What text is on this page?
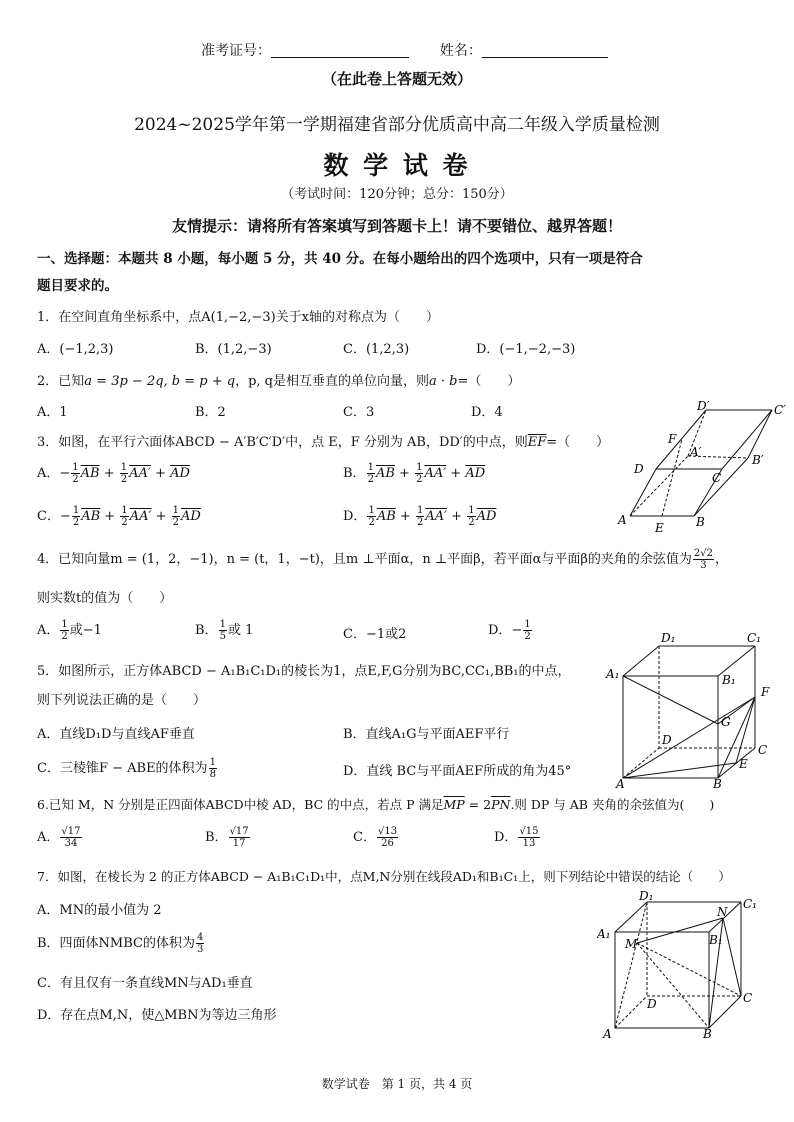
准考证号：	姓名：
（在此卷上答题无效）
2024~2025学年第一学期福建省部分优质高中高二年级入学质量检测
数 学 试 卷
（考试时间：120分钟；总分：150分）
友情提示：请将所有答案填写到答题卡上！请不要错位、越界答题！
一、选择题：本题共 8 小题，每小题 5 分，共 40 分。在每小题给出的四个选项中，只有一项是符合
题目要求的。
1．在空间直角坐标系中，点A(1,−2,−3)关于x轴的对称点为（　　）
A．(−1,2,3)	B．(1,2,−3)	C．(1,2,3)	D．(−1,−2,−3)
2．已知a = 3p − 2q, b = p + q，p, q是相互垂直的单位向量，则a · b=（　　）
A．1	B．2	C．3	D．4
3．如图，在平行六面体ABCD − A′B′C′D′中，点 E，F 分别为 AB，DD′的中点，则$\overline{EF}=$（　　）
A．− $\frac{1}{2} \overline{AB} + \frac{1}{2} AA' + \overline{AD}$	B． $\frac{1}{2} \overline{AB} + \frac{1}{2} AA' + \overline{AD}$
C．− $\frac{1}{2} \overline{AB} + \frac{1}{2} AA' + \frac{1}{2} \overline{AD}$	D． $\frac{1}{2} \overline{AB} + \frac{1}{2} AA' + \frac{1}{2} \overline{AD}$
D′	C′
F
A′
B′
D
C
A
E	B
4．已知向量m = (1，2，−1)，n = (t，1，−t)，且m ⊥平面α，n ⊥平面β，若平面α与平面β的夹角的余弦值为 $\frac{2√2}{3}$ ，
则实数t的值为（　　）
A． $\frac{1}{2}$ 或−1	B． $\frac{1}{5}$ 或 1	C．−1或2	D．− $\frac{1}{2}$
5．如图所示，正方体ABCD − A₁B₁C₁D₁的棱长为1，点E,F,G分别为BC,CC₁,BB₁的中点，
则下列说法正确的是（　　）
A．直线D₁D与直线AF垂直	B．直线A₁G与平面AEF平行
C．三棱锥F − ABE的体积为 $\frac{1}{8}$	D．直线 BC与平面AEF所成的角为45°
D₁	C₁
A₁	B₁
F
G
D
C
E
A	B
6.已知 M，N 分别是正四面体ABCD中棱 AD，BC 的中点，若点 P 满足$\overline{MP} = 2\overline{PN}$.则 DP 与 AB 夹角的余弦值为(　　)
A． $\frac{√17}{34}$	B． $\frac{√17}{17}$	C． $\frac{√13}{26}$	D． $\frac{√15}{13}$
7．如图，在棱长为 2 的正方体ABCD − A₁B₁C₁D₁中，点M,N分别在线段AD₁和B₁C₁上，则下列结论中错误的结论（　　）
A．MN的最小值为 2
B．四面体NMBC的体积为 $\frac{4}{3}$
C．有且仅有一条直线MN与AD₁垂直
D．存在点M,N，使△MBN为等边三角形
D₁
N
C₁
A₁
M	B₁
D	C
A	B
数学试卷　第 1 页，共 4 页
